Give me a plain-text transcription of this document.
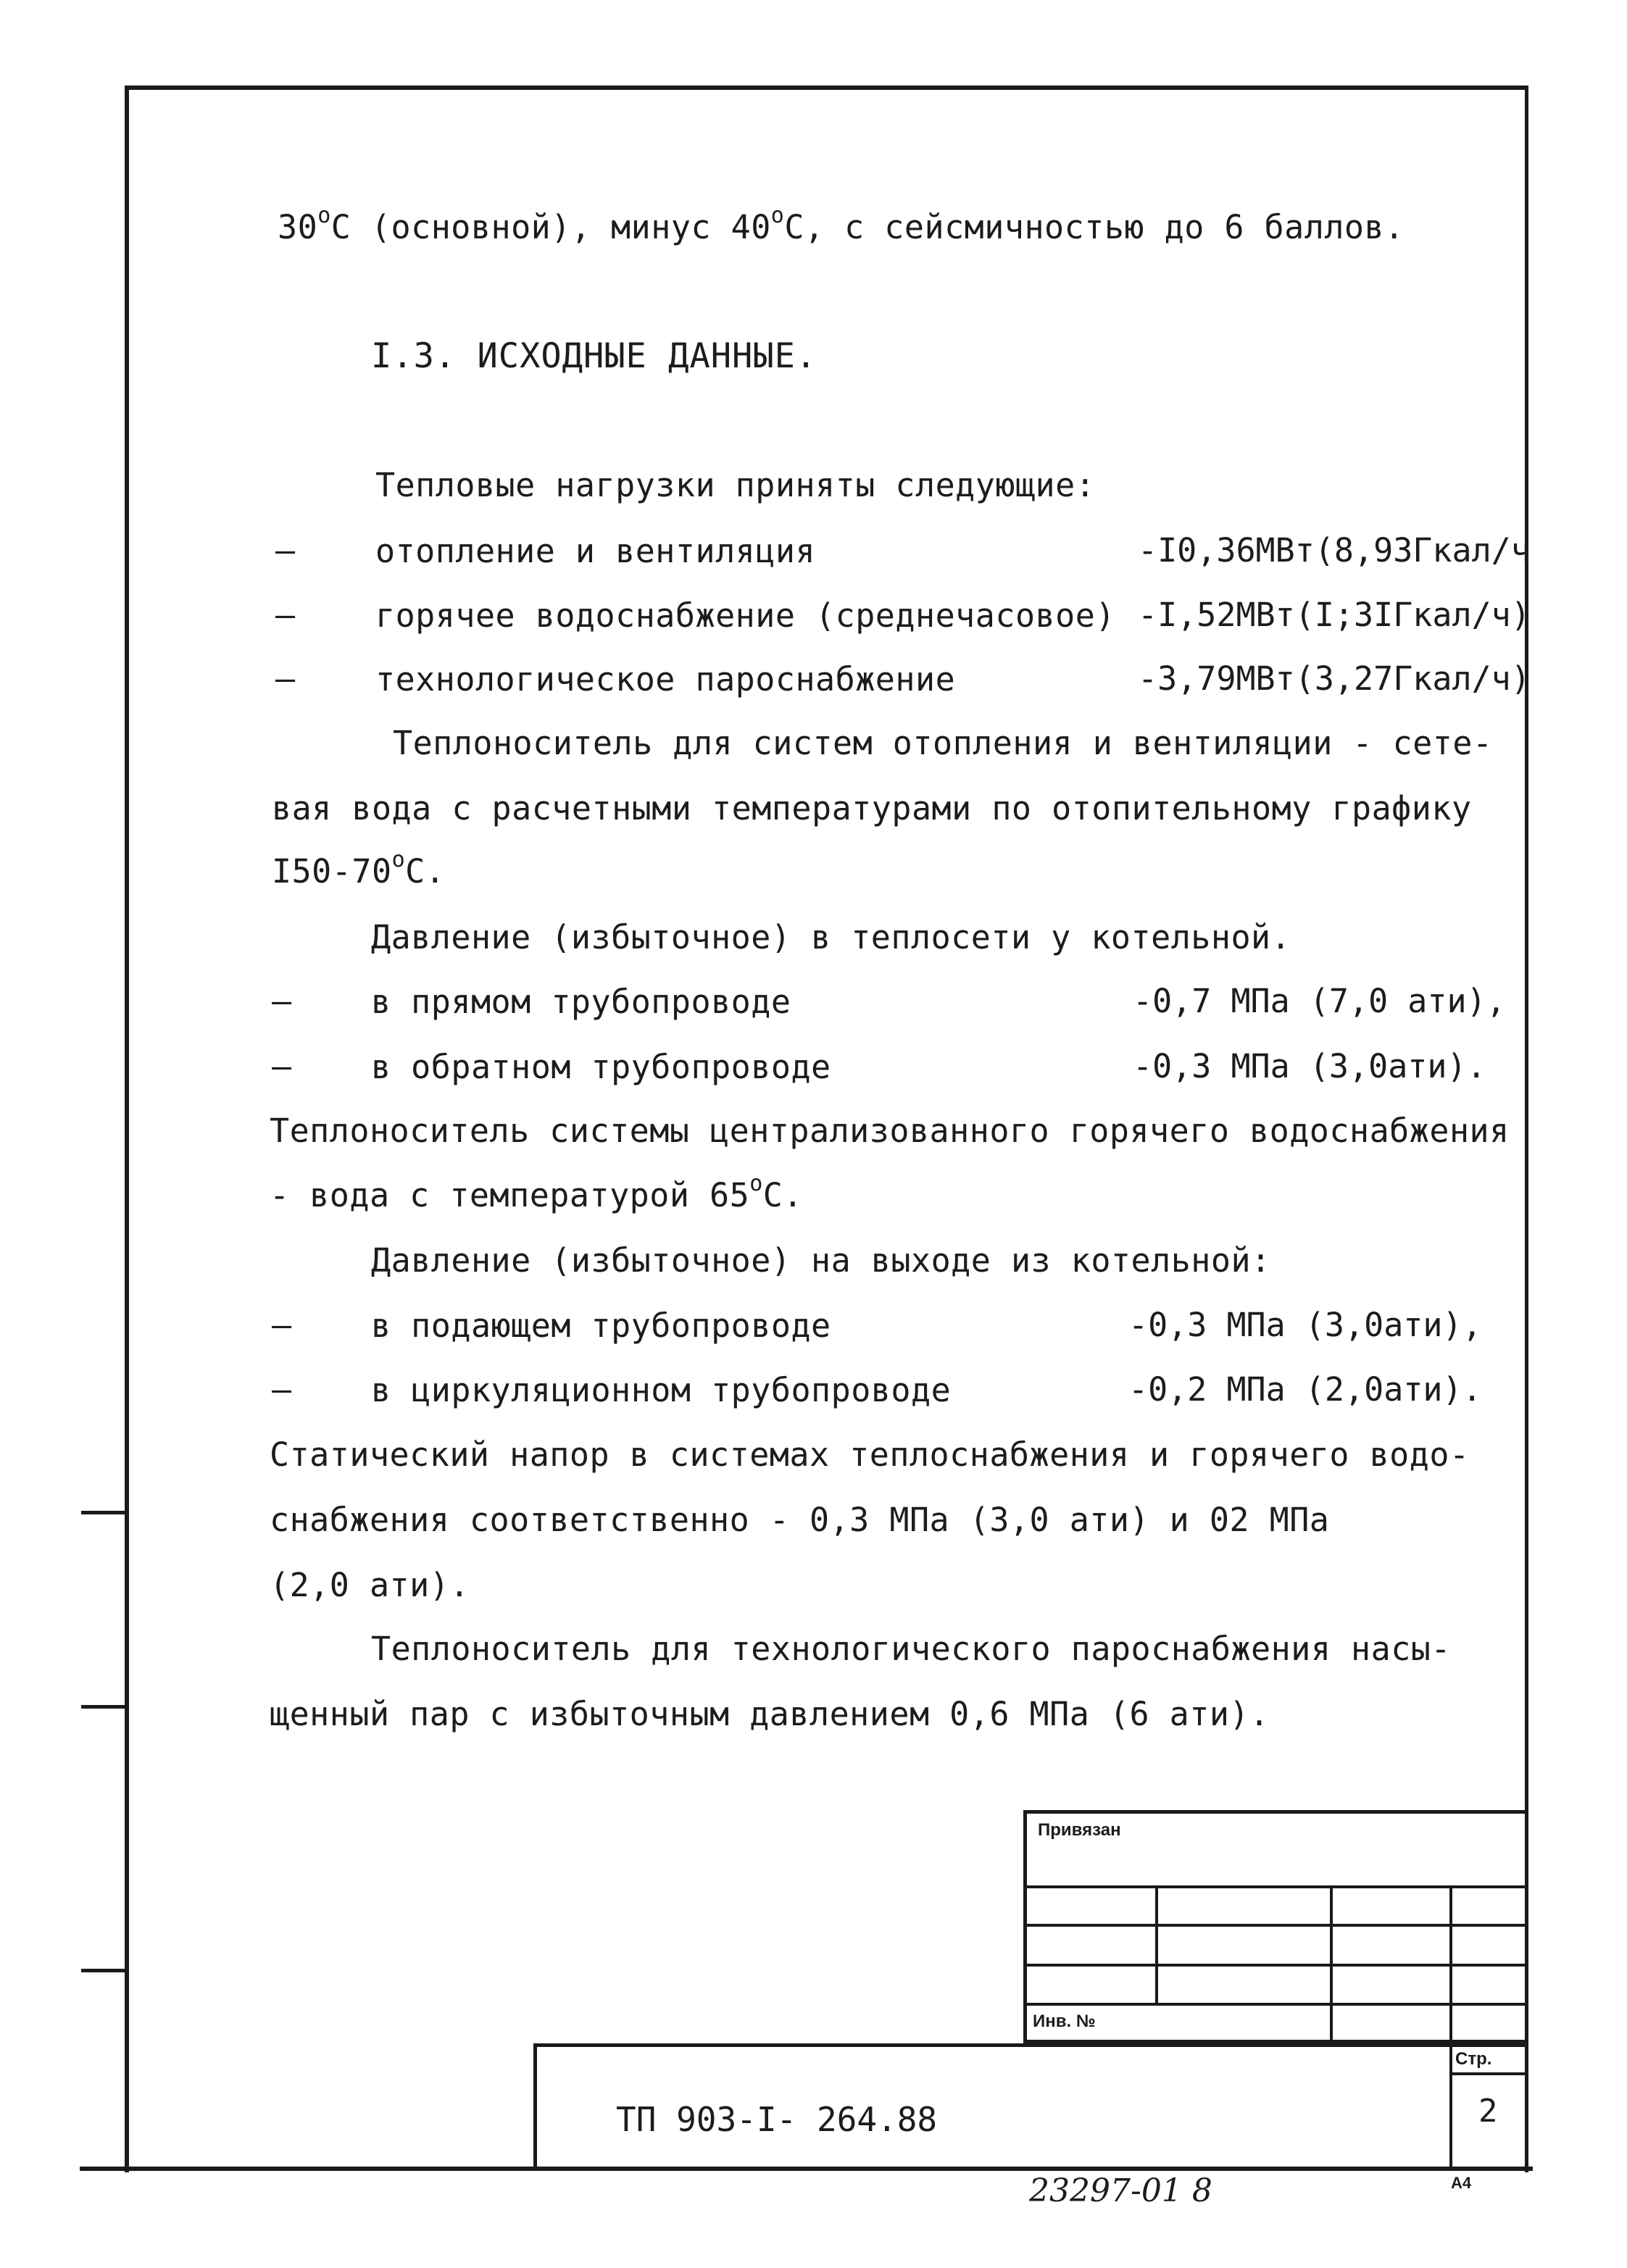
$30^оС$ (основной), минус $40^оС$, с сейсмичностью до 6 баллов.
I.3. ИСХОДНЫЕ ДАННЫЕ.
Тепловые нагрузки приняты следующие:
– отопление и вентиляция	-I0,36МВт(8,93Гкал/ч
– горячее водоснабжение (среднечасовое) -I,52МВт(I;3IГкал/ч)
– технологическое пароснабжение	-3,79МВт(3,27Гкал/ч)
Теплоноситель для систем отопления и вентиляции - сете-
вая вода с расчетными температурами по отопительному графику
$I50-70^оС$.
Давление (избыточное) в теплосети у котельной.
– в прямом трубопроводе	-0,7 МПа (7,0 ати),
– в обратном трубопроводе	-0,3 МПа (3,0ати).
Теплоноситель системы централизованного горячего водоснабжения
- вода с температурой $65^оС$.
Давление (избыточное) на выходе из котельной:
– в подающем трубопроводе	-0,3 МПа (3,0ати),
– в циркуляционном трубопроводе	-0,2 МПа (2,0ати).
Статический напор в системах теплоснабжения и горячего водо-
снабжения соответственно - 0,3 МПа (3,0 ати) и 02 МПа
(2,0 ати).
Теплоноситель для технологического пароснабжения насы-
щенный пар с избыточным давлением 0,6 МПа (6 ати).
Привязан
Инв. №
Стр.
2
ТП 903-I- 264.88
23297-01 8	А4
